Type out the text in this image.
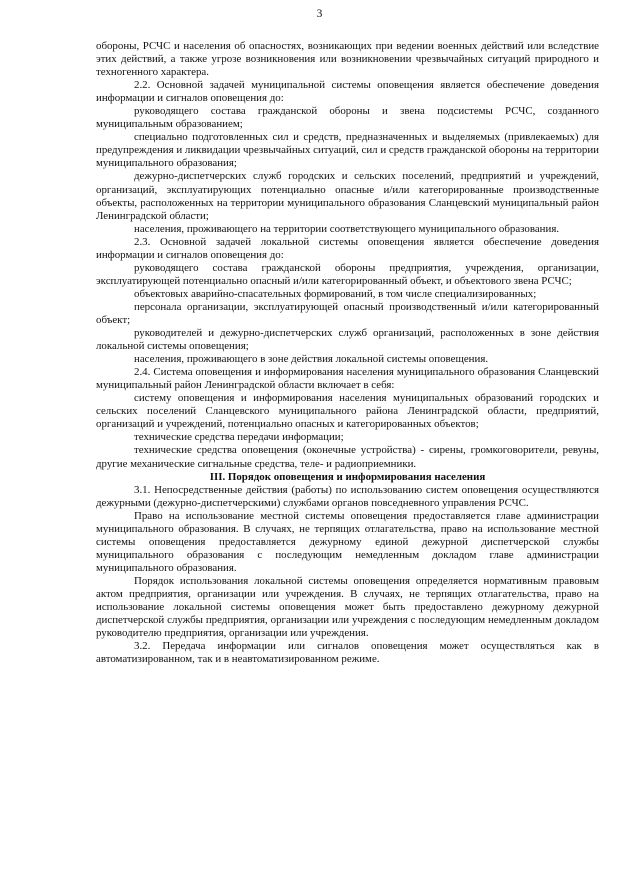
3

обороны, РСЧС и населения об опасностях, возникающих при ведении военных действий или вследствие этих действий, а также угрозе возникновения или возникновении чрезвычайных ситуаций природного и техногенного характера.

2.2. Основной задачей муниципальной системы оповещения является обеспечение доведения информации и сигналов оповещения до:

руководящего состава гражданской обороны и звена подсистемы РСЧС, созданного муниципальным образованием;

специально подготовленных сил и средств, предназначенных и выделяемых (привлекаемых) для предупреждения и ликвидации чрезвычайных ситуаций, сил и средств гражданской обороны на территории муниципального образования;

дежурно-диспетчерских служб городских и сельских поселений, предприятий и учреждений, организаций, эксплуатирующих потенциально опасные и/или категорированные производственные объекты, расположенных на территории муниципального образования Сланцевский муниципальный район Ленинградской области;

населения, проживающего на территории соответствующего муниципального образования.

2.3. Основной задачей локальной системы оповещения является обеспечение доведения информации и сигналов оповещения до:

руководящего состава гражданской обороны предприятия, учреждения, организации, эксплуатирующей потенциально опасный и/или категорированный объект, и объектового звена РСЧС;

объектовых аварийно-спасательных формирований, в том числе специализированных;

персонала организации, эксплуатирующей опасный производственный и/или категорированный объект;

руководителей и дежурно-диспетчерских служб организаций, расположенных в зоне действия локальной системы оповещения;

населения, проживающего в зоне действия локальной системы оповещения.

2.4. Система оповещения и информирования населения муниципального образования Сланцевский муниципальный район Ленинградской области включает в себя:

систему оповещения и информирования населения муниципальных образований городских и сельских поселений Сланцевского муниципального района Ленинградской области, предприятий, организаций и учреждений, потенциально опасных и категорированных объектов;

технические средства передачи информации;

технические средства оповещения (оконечные устройства) - сирены, громкоговорители, ревуны, другие механические сигнальные средства, теле- и радиоприемники.

III. Порядок оповещения и информирования населения

3.1. Непосредственные действия (работы) по использованию систем оповещения осуществляются дежурными (дежурно-диспетчерскими) службами органов повседневного управления РСЧС.

Право на использование местной системы оповещения предоставляется главе администрации муниципального образования. В случаях, не терпящих отлагательства, право на использование местной системы оповещения предоставляется дежурному единой дежурной диспетчерской службы муниципального образования с последующим немедленным докладом главе администрации муниципального образования.

Порядок использования локальной системы оповещения определяется нормативным правовым актом предприятия, организации или учреждения. В случаях, не терпящих отлагательства, право на использование локальной системы оповещения может быть предоставлено дежурному дежурной диспетчерской службы предприятия, организации или учреждения с последующим немедленным докладом руководителю предприятия, организации или учреждения.

3.2. Передача информации или сигналов оповещения может осуществляться как в автоматизированном, так и в неавтоматизированном режиме.
